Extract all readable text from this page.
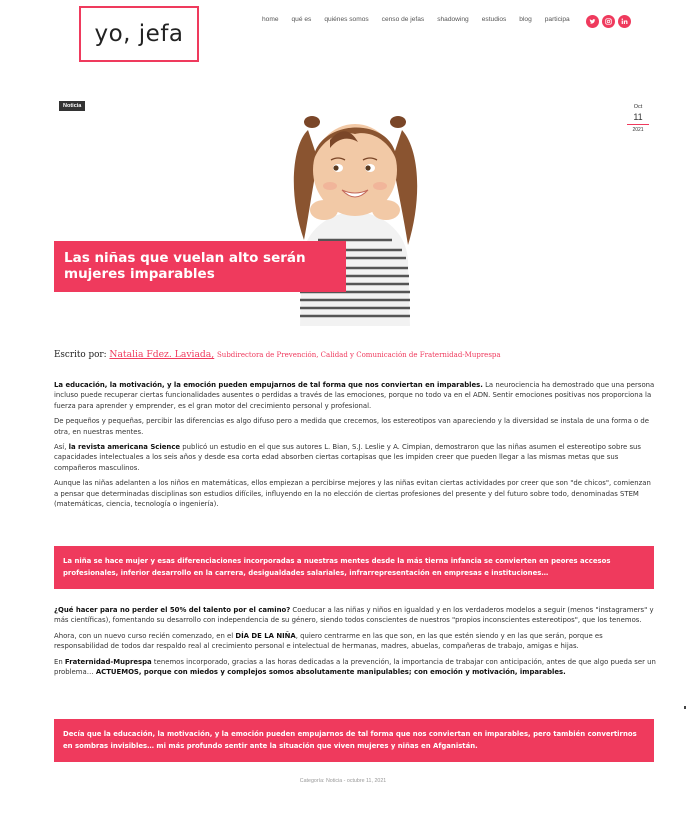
yo, jefa
home qué es quiénes somos censo de jefas shadowing estudios blog participa
Noticia	Oct
11
2021
Las niñas que vuelan alto serán
mujeres imparables
Escrito por: Natalia Fdez. Laviada, Subdirectora de Prevención, Calidad y Comunicación de Fraternidad-Muprespa

La educación, la motivación, y la emoción pueden empujarnos de tal forma que nos conviertan en imparables. La neurociencia ha demostrado que una persona incluso puede recuperar ciertas funcionalidades ausentes o perdidas a través de las emociones, porque no todo va en el ADN. Sentir emociones positivas nos proporciona la fuerza para aprender y emprender, es el gran motor del crecimiento personal y profesional.

De pequeños y pequeñas, percibir las diferencias es algo difuso pero a medida que crecemos, los estereotipos van apareciendo y la diversidad se instala de una forma o de otra, en nuestras mentes.

Así, la revista americana Science publicó un estudio en el que sus autores L. Bian, S.J. Leslie y A. Cimpian, demostraron que las niñas asumen el estereotipo sobre sus capacidades intelectuales a los seis años y desde esa corta edad absorben ciertas cortapisas que les impiden creer que pueden llegar a las mismas metas que sus compañeros masculinos.

Aunque las niñas adelanten a los niños en matemáticas, ellos empiezan a percibirse mejores y las niñas evitan ciertas actividades por creer que son "de chicos", comienzan a pensar que determinadas disciplinas son estudios difíciles, influyendo en la no elección de ciertas profesiones del presente y del futuro sobre todo, denominadas STEM (matemáticas, ciencia, tecnología o ingeniería).

La niña se hace mujer y esas diferenciaciones incorporadas a nuestras mentes desde la más tierna infancia se convierten en peores accesos profesionales, inferior desarrollo en la carrera, desigualdades salariales, infrarrepresentación en empresas e instituciones…

¿Qué hacer para no perder el 50% del talento por el camino? Coeducar a las niñas y niños en igualdad y en los verdaderos modelos a seguir (menos "instagramers" y más científicas), fomentando su desarrollo con independencia de su género, siendo todos conscientes de nuestros "propios inconscientes estereotipos", que los tenemos.

Ahora, con un nuevo curso recién comenzado, en el DÍA DE LA NIÑA, quiero centrarme en las que son, en las que estén siendo y en las que serán, porque es responsabilidad de todos dar respaldo real al crecimiento personal e intelectual de hermanas, madres, abuelas, compañeras de trabajo, amigas e hijas.

En Fraternidad-Muprespa tenemos incorporado, gracias a las horas dedicadas a la prevención, la importancia de trabajar con anticipación, antes de que algo pueda ser un problema… ACTUEMOS, porque con miedos y complejos somos absolutamente manipulables; con emoción y motivación, imparables.

Decía que la educación, la motivación, y la emoción pueden empujarnos de tal forma que nos conviertan en imparables, pero también convertirnos en sombras invisibles… mi más profundo sentir ante la situación que viven mujeres y niñas en Afganistán.
Categoría: Noticia - octubre 11, 2021
